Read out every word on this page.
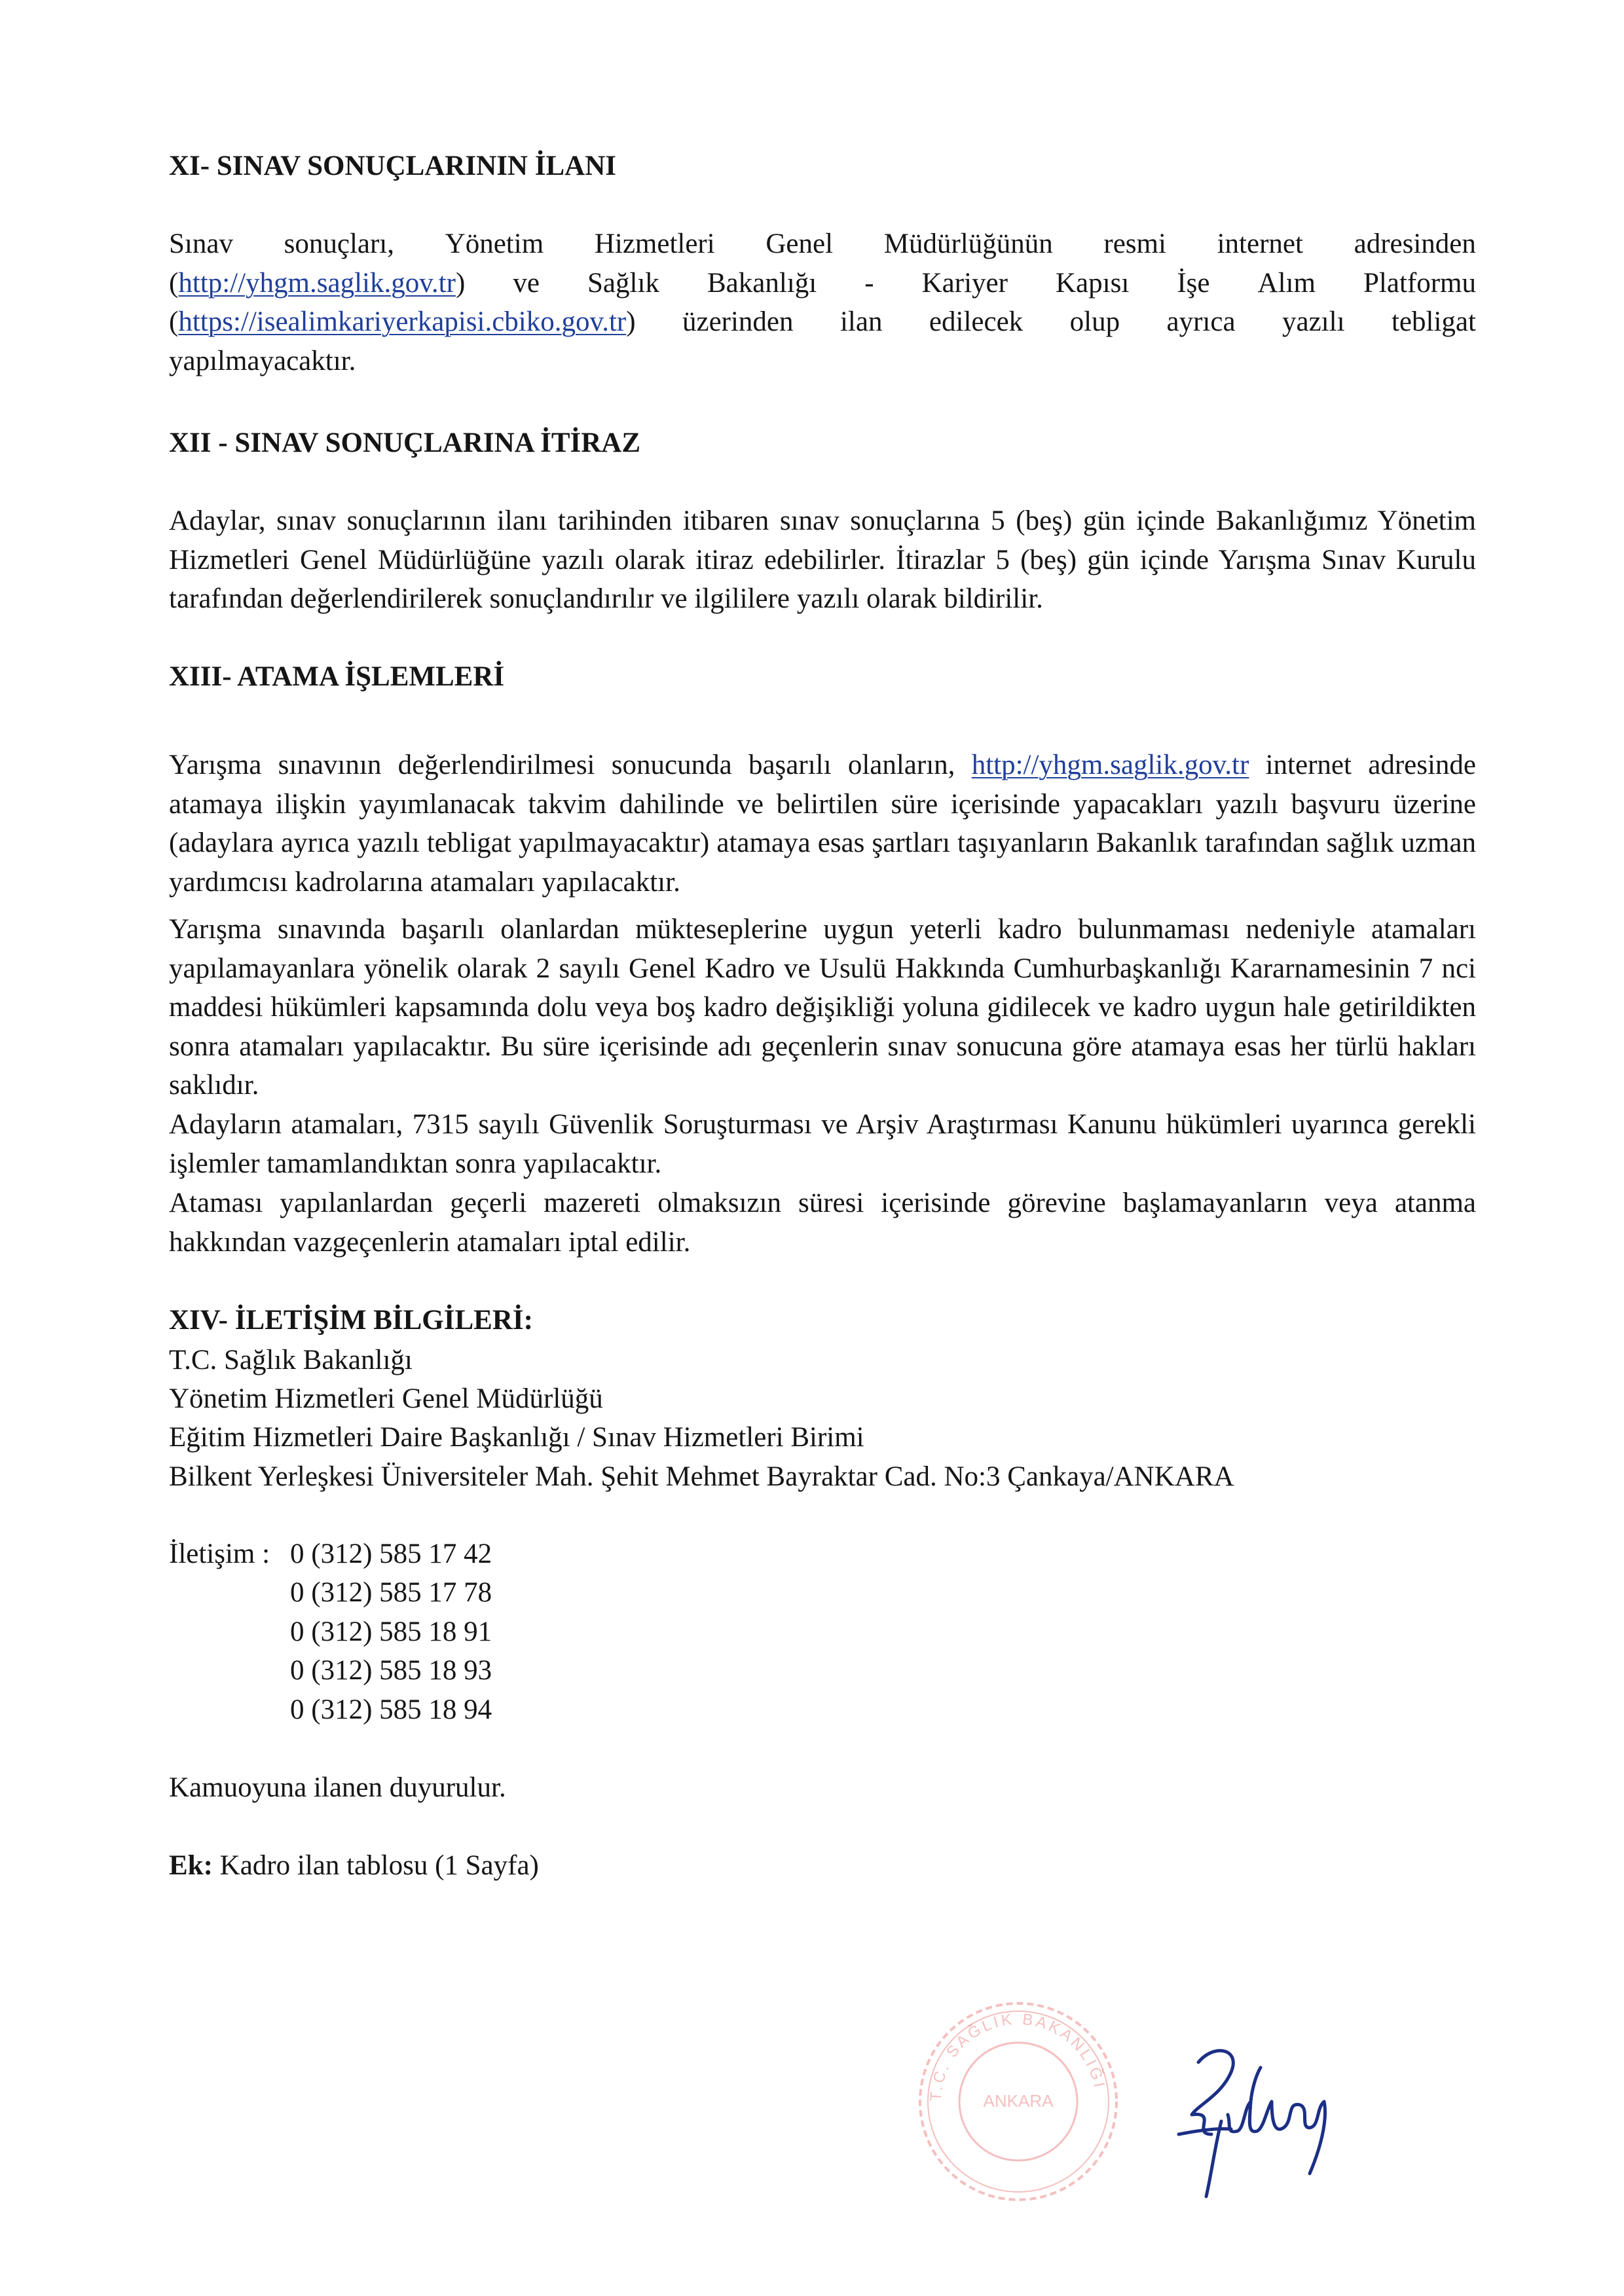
XI- SINAV SONUÇLARININ İLANI
Sınav sonuçları, Yönetim Hizmetleri Genel Müdürlüğünün resmi internet adresinden
(http://yhgm.saglik.gov.tr) ve Sağlık Bakanlığı - Kariyer Kapısı İşe Alım Platformu
(https://isealimkariyerkapisi.cbiko.gov.tr) üzerinden ilan edilecek olup ayrıca yazılı tebligat
yapılmayacaktır.
XII - SINAV SONUÇLARINA İTİRAZ

Adaylar, sınav sonuçlarının ilanı tarihinden itibaren sınav sonuçlarına 5 (beş) gün içinde Bakanlığımız Yönetim Hizmetleri Genel Müdürlüğüne yazılı olarak itiraz edebilirler. İtirazlar 5 (beş) gün içinde Yarışma Sınav Kurulu tarafından değerlendirilerek sonuçlandırılır ve ilgililere yazılı olarak bildirilir.

XIII- ATAMA İŞLEMLERİ

Yarışma sınavının değerlendirilmesi sonucunda başarılı olanların, http://yhgm.saglik.gov.tr internet adresinde atamaya ilişkin yayımlanacak takvim dahilinde ve belirtilen süre içerisinde yapacakları yazılı başvuru üzerine (adaylara ayrıca yazılı tebligat yapılmayacaktır) atamaya esas şartları taşıyanların Bakanlık tarafından sağlık uzman yardımcısı kadrolarına atamaları yapılacaktır.

Yarışma sınavında başarılı olanlardan mükteseplerine uygun yeterli kadro bulunmaması nedeniyle atamaları yapılamayanlara yönelik olarak 2 sayılı Genel Kadro ve Usulü Hakkında Cumhurbaşkanlığı Kararnamesinin 7 nci maddesi hükümleri kapsamında dolu veya boş kadro değişikliği yoluna gidilecek ve kadro uygun hale getirildikten sonra atamaları yapılacaktır. Bu süre içerisinde adı geçenlerin sınav sonucuna göre atamaya esas her türlü hakları saklıdır.

Adayların atamaları, 7315 sayılı Güvenlik Soruşturması ve Arşiv Araştırması Kanunu hükümleri uyarınca gerekli işlemler tamamlandıktan sonra yapılacaktır.

Ataması yapılanlardan geçerli mazereti olmaksızın süresi içerisinde görevine başlamayanların veya atanma hakkından vazgeçenlerin atamaları iptal edilir.

XIV- İLETİŞİM BİLGİLERİ:

T.C. Sağlık Bakanlığı

Yönetim Hizmetleri Genel Müdürlüğü

Eğitim Hizmetleri Daire Başkanlığı / Sınav Hizmetleri Birimi

Bilkent Yerleşkesi Üniversiteler Mah. Şehit Mehmet Bayraktar Cad. No:3 Çankaya/ANKARA

İletişim : 0 (312) 585 17 42

0 (312) 585 17 78

0 (312) 585 18 91

0 (312) 585 18 93

0 (312) 585 18 94

Kamuoyuna ilanen duyurulur.

Ek: Kadro ilan tablosu (1 Sayfa)

T.C. SAĞLIK BAKANLIĞI
ANKARA
